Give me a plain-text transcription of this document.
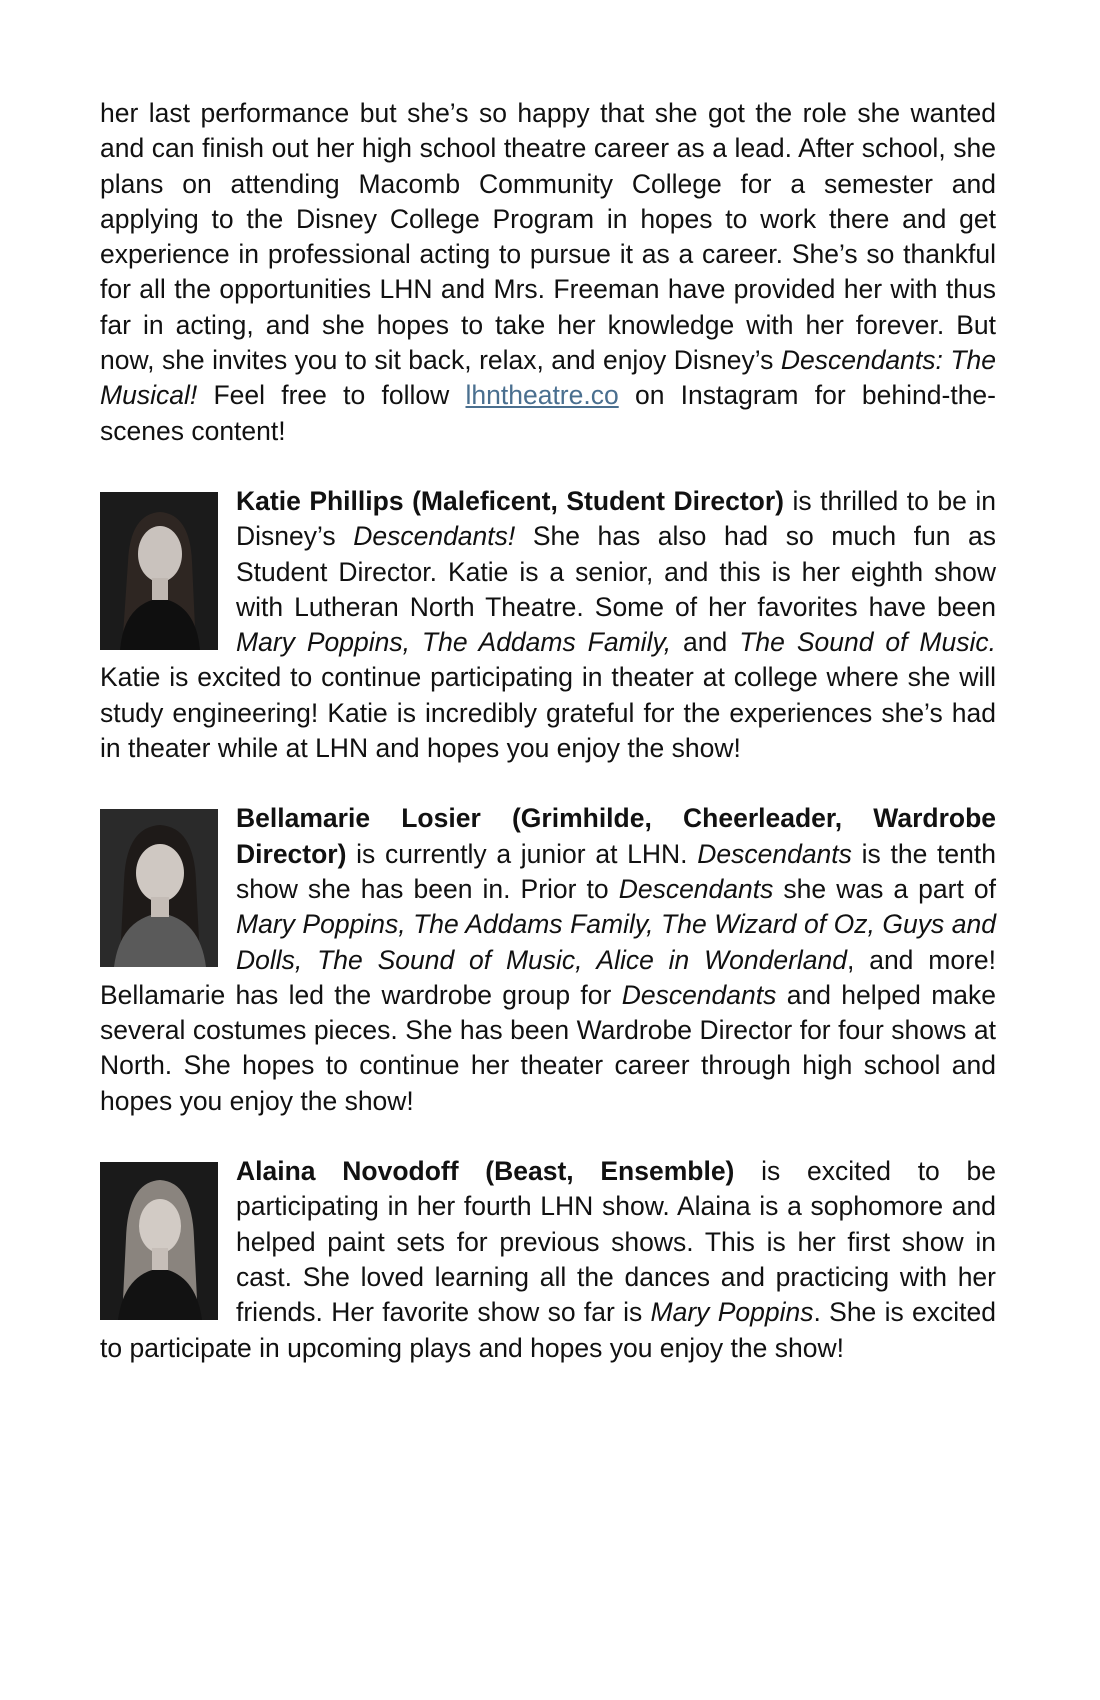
her last performance but she’s so happy that she got the role she wanted and can finish out her high school theatre career as a lead. After school, she plans on attending Macomb Community College for a semester and applying to the Disney College Program in hopes to work there and get experience in professional acting to pursue it as a career. She’s so thankful for all the opportunities LHN and Mrs. Freeman have provided her with thus far in acting, and she hopes to take her knowledge with her forever. But now, she invites you to sit back, relax, and enjoy Disney’s Descendants: The Musical! Feel free to follow lhntheatre.co on Instagram for behind-the-scenes content!

Katie Phillips (Maleficent, Student Director) is thrilled to be in Disney’s Descendants! She has also had so much fun as Student Director. Katie is a senior, and this is her eighth show with Lutheran North Theatre. Some of her favorites have been Mary Poppins, The Addams Family, and The Sound of Music. Katie is excited to continue participating in theater at college where she will study engineering! Katie is incredibly grateful for the experiences she’s had in theater while at LHN and hopes you enjoy the show!
Bellamarie Losier (Grimhilde, Cheerleader, Wardrobe Director) is currently a junior at LHN. Descendants is the tenth show she has been in. Prior to Descendants she was a part of Mary Poppins, The Addams Family, The Wizard of Oz, Guys and Dolls, The Sound of Music, Alice in Wonderland, and more! Bellamarie has led the wardrobe group for Descendants and helped make several costumes pieces. She has been Wardrobe Director for four shows at North. She hopes to continue her theater career through high school and hopes you enjoy the show!
Alaina Novodoff (Beast, Ensemble) is excited to be participating in her fourth LHN show. Alaina is a sophomore and helped paint sets for previous shows. This is her first show in cast. She loved learning all the dances and practicing with her friends. Her favorite show so far is Mary Poppins. She is excited to participate in upcoming plays and hopes you enjoy the show!
